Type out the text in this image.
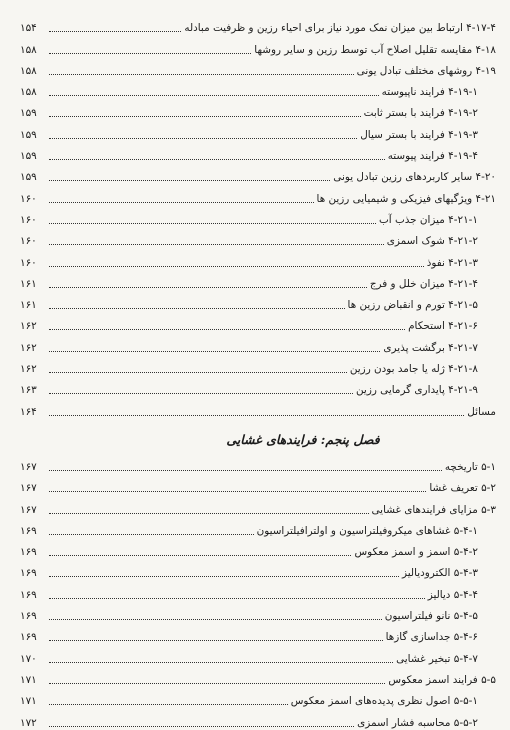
۴-۱۷-۴ ارتباط بین میزان نمک مورد نیاز برای احیاء رزین و ظرفیت مبادله
۱۵۴
۴-۱۸ مقایسه تقلیل اصلاح آب توسط رزین و سایر روشها
۱۵۸
۴-۱۹ روشهای مختلف تبادل یونی
۱۵۸
۴-۱۹-۱ فرایند ناپیوسته
۱۵۸
۴-۱۹-۲ فرایند با بستر ثابت
۱۵۹
۴-۱۹-۳ فرایند با بستر سیال
۱۵۹
۴-۱۹-۴ فرایند پیوسته
۱۵۹
۴-۲۰ سایر کاربردهای رزین تبادل یونی
۱۵۹
۴-۲۱ ویژگیهای فیزیکی و شیمیایی رزین ها
۱۶۰
۴-۲۱-۱ میزان جذب آب
۱۶۰
۴-۲۱-۲ شوک اسمزی
۱۶۰
۴-۲۱-۳ نفوذ
۱۶۰
۴-۲۱-۴ میزان خلل و فرج
۱۶۱
۴-۲۱-۵ تورم و انقباض رزین ها
۱۶۱
۴-۲۱-۶ استحکام
۱۶۲
۴-۲۱-۷ برگشت پذیری
۱۶۲
۴-۲۱-۸ ژله یا جامد بودن رزین
۱۶۲
۴-۲۱-۹ پایداری گرمایی رزین
۱۶۳
مسائل
۱۶۴
فصل پنجم: فرایندهای غشایی
۵-۱ تاریخچه
۱۶۷
۵-۲ تعریف غشا
۱۶۷
۵-۳ مزایای فرایندهای غشایی
۱۶۷
۵-۴-۱ غشاهای میکروفیلتراسیون و اولترافیلتراسیون
۱۶۹
۵-۴-۲ اسمز و اسمز معکوس
۱۶۹
۵-۴-۳ الکترودیالیز
۱۶۹
۵-۴-۴ دیالیز
۱۶۹
۵-۴-۵ نانو فیلتراسیون
۱۶۹
۵-۴-۶ جداسازی گازها
۱۶۹
۵-۴-۷ تبخیر غشایی
۱۷۰
۵-۵ فرایند اسمز معکوس
۱۷۱
۵-۵-۱ اصول نظری پدیده‌های اسمز معکوس
۱۷۱
۵-۵-۲ محاسبه فشار اسمزی
۱۷۲
